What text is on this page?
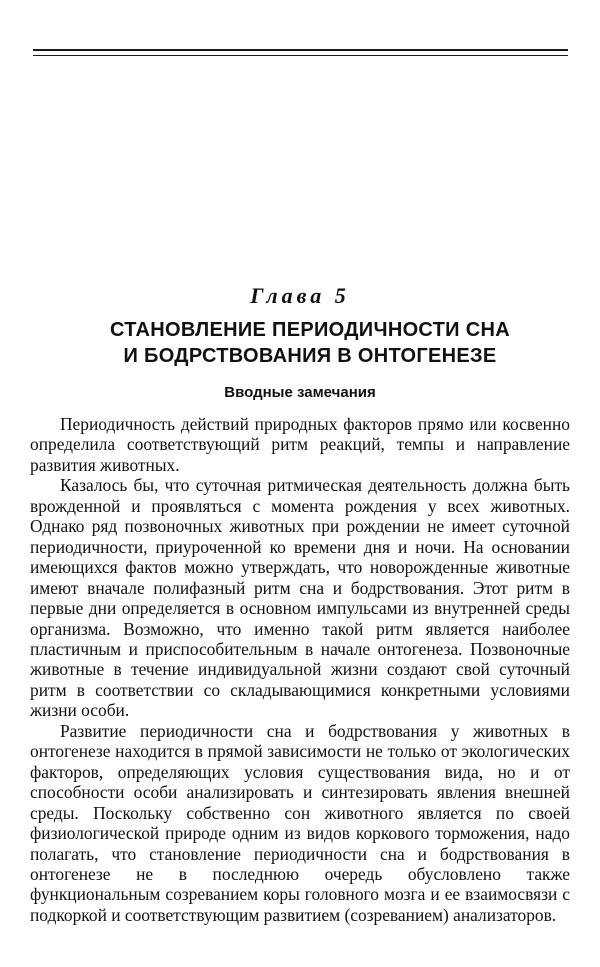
Глава 5
СТАНОВЛЕНИЕ ПЕРИОДИЧНОСТИ СНА
И БОДРСТВОВАНИЯ В ОНТОГЕНЕЗЕ
Вводные замечания

Периодичность действий природных факторов прямо или косвенно определила соответствующий ритм реакций, темпы и направление развития животных.

Казалось бы, что суточная ритмическая деятельность должна быть врожденной и проявляться с момента рождения у всех животных. Однако ряд позвоночных животных при рождении не имеет суточной периодичности, приуроченной ко времени дня и ночи. На основании имеющихся фактов можно утверждать, что новорожденные животные имеют вначале полифазный ритм сна и бодрствования. Этот ритм в первые дни определяется в основном импульсами из внутренней среды организма. Возможно, что именно такой ритм является наиболее пластичным и приспособительным в начале онтогенеза. Позвоночные животные в течение индивидуальной жизни создают свой суточный ритм в соответствии со складывающимися конкретными условиями жизни особи.

Развитие периодичности сна и бодрствования у животных в онтогенезе находится в прямой зависимости не только от экологических факторов, определяющих условия существования вида, но и от способности особи анализировать и синтезировать явления внешней среды. Поскольку собственно сон животного является по своей физиологической природе одним из видов коркового торможения, надо полагать, что становление периодичности сна и бодрствования в онтогенезе не в последнюю очередь обусловлено также функциональным созреванием коры головного мозга и ее взаимосвязи с подкоркой и соответствующим развитием (созреванием) анализаторов.
